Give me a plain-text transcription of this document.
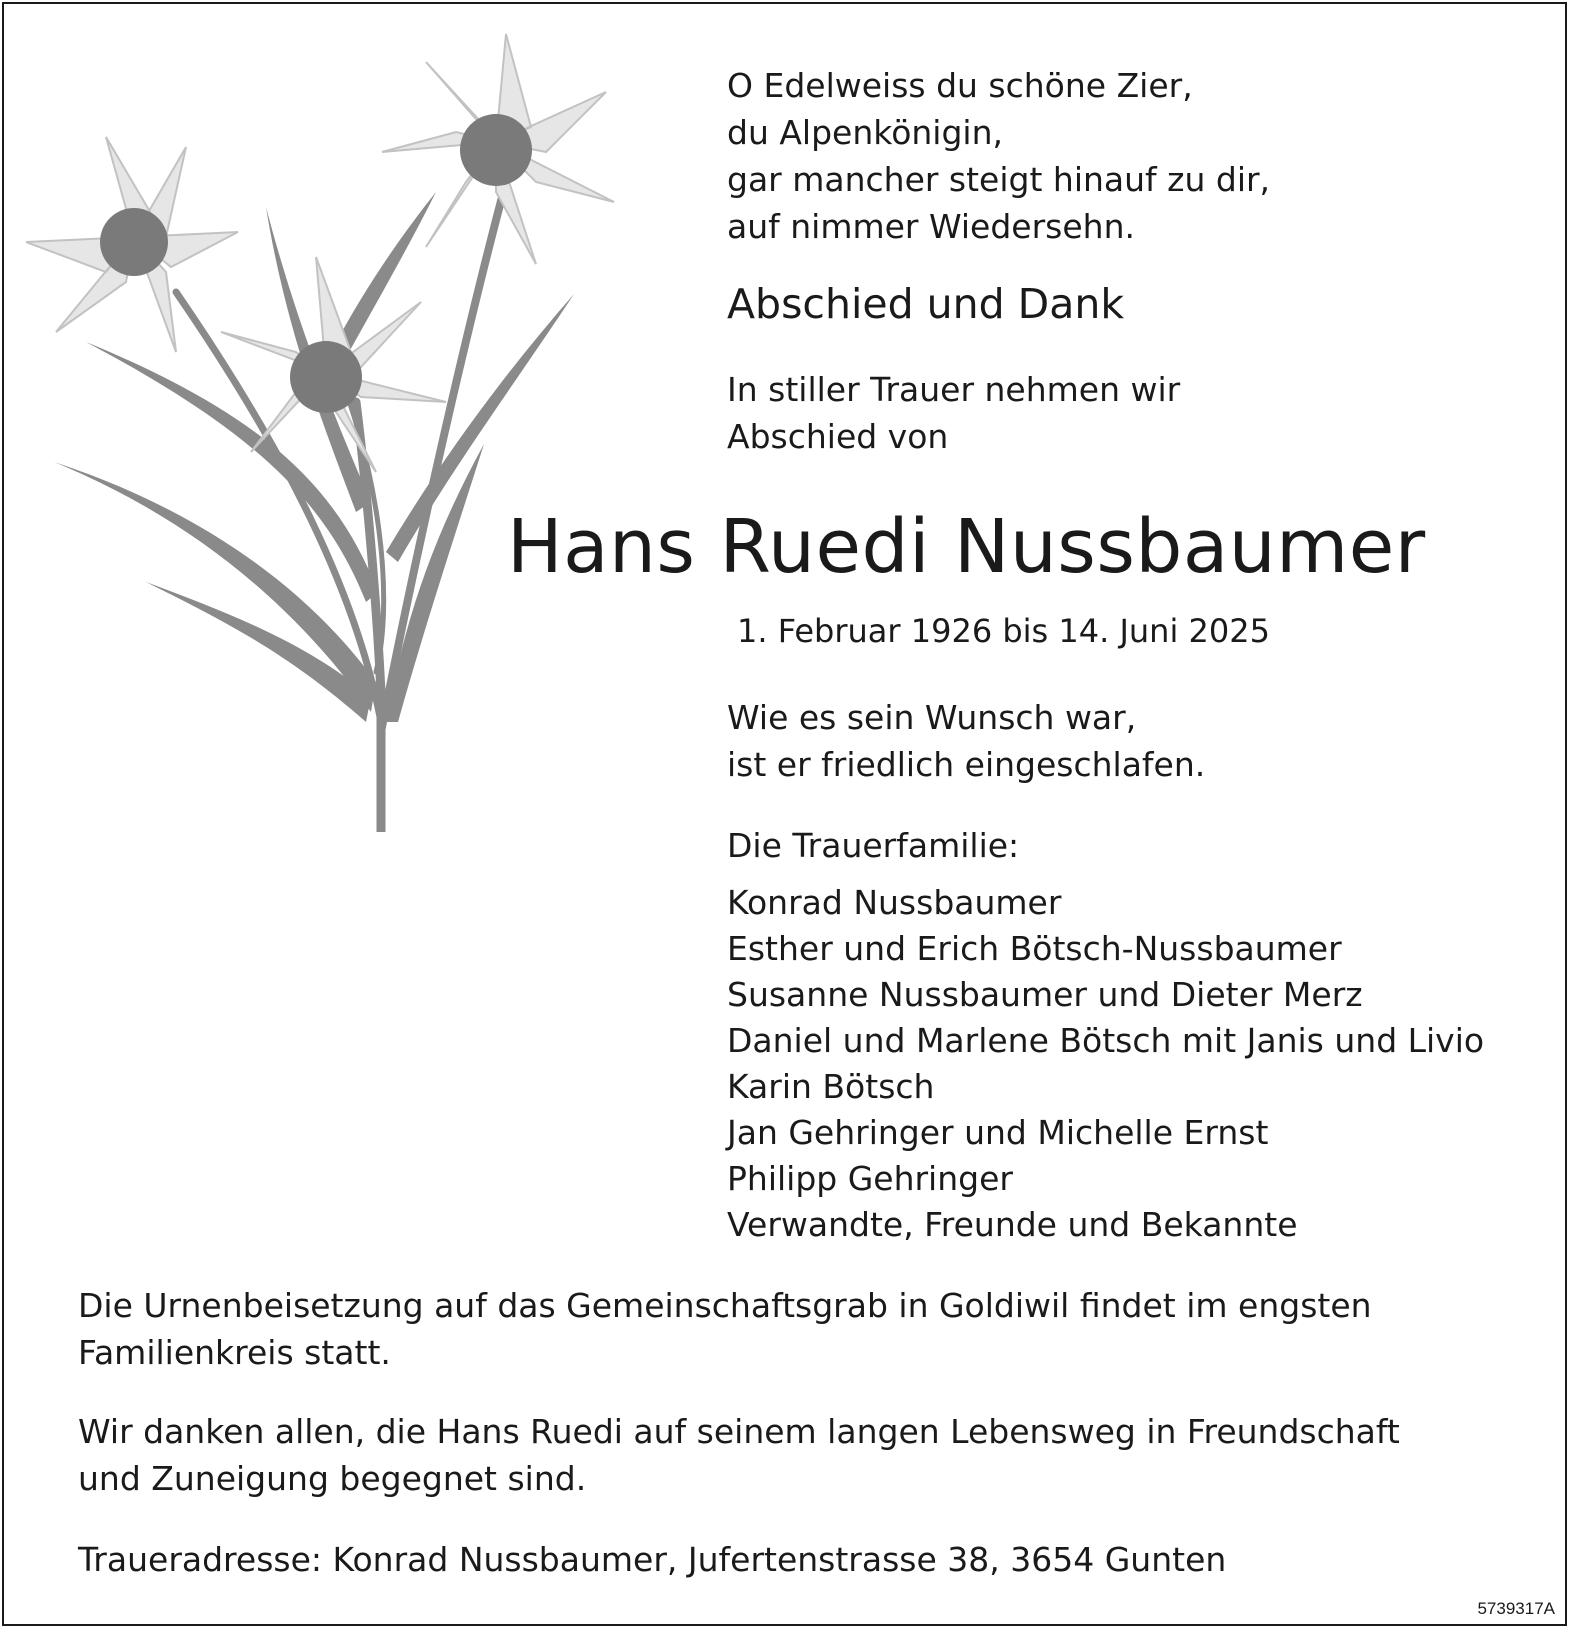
O Edelweiss du schöne Zier,
du Alpenkönigin,
gar mancher steigt hinauf zu dir,
auf nimmer Wiedersehn.

Abschied und Dank

In stiller Trauer nehmen wir
Abschied von

Hans Ruedi Nussbaumer
1. Februar 1926 bis 14. Juni 2025

Wie es sein Wunsch war,
ist er friedlich eingeschlafen.

Die Trauerfamilie:

Konrad Nussbaumer
Esther und Erich Bötsch-Nussbaumer
Susanne Nussbaumer und Dieter Merz
Daniel und Marlene Bötsch mit Janis und Livio
Karin Bötsch
Jan Gehringer und Michelle Ernst
Philipp Gehringer
Verwandte, Freunde und Bekannte

Die Urnenbeisetzung auf das Gemeinschaftsgrab in Goldiwil findet im engsten
Familienkreis statt.

Wir danken allen, die Hans Ruedi auf seinem langen Lebensweg in Freundschaft
und Zuneigung begegnet sind.

Traueradresse: Konrad Nussbaumer, Jufertenstrasse 38, 3654 Gunten

5739317A
